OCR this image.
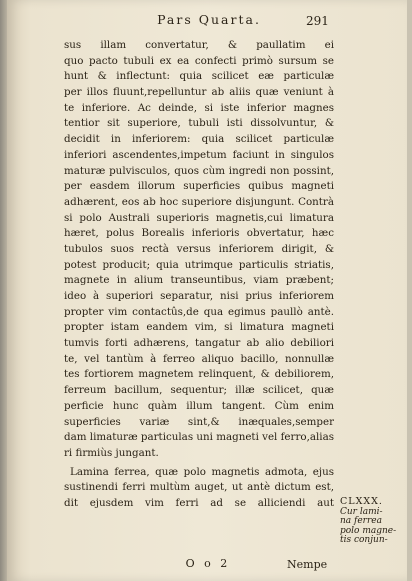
Pars Quarta.	291
sus illam convertatur, & paullatim ei
quo pacto tubuli ex ea confecti primò sursum se
hunt & inflectunt: quia scilicet eæ particulæ
per illos fluunt,repelluntur ab aliis quæ veniunt à
te inferiore. Ac deinde, si iste inferior magnes
tentior sit superiore, tubuli isti dissolvuntur, &
decidit in inferiorem: quia scilicet particulæ
inferiori ascendentes,impetum faciunt in singulos
maturæ pulvisculos, quos cùm ingredi non possint,
per easdem illorum superficies quibus magneti
adhærent, eos ab hoc superiore disjungunt. Contrà
si polo Australi superioris magnetis,cui limatura
hæret, polus Borealis inferioris obvertatur, hæc
tubulos suos rectà versus inferiorem dirigit, &
potest producit; quia utrimque particulis striatis,
magnete in alium transeuntibus, viam præbent;
ideo à superiori separatur, nisi prius inferiorem
propter vim contactûs,de qua egimus paullò antè.
propter istam eandem vim, si limatura magneti
tumvis forti adhærens, tangatur ab alio debiliori
te, vel tantùm à ferreo aliquo bacillo, nonnullæ
tes fortiorem magnetem relinquent, & debiliorem,
ferreum bacillum, sequentur; illæ scilicet, quæ
perficie hunc quàm illum tangent. Cùm enim
superficies variæ sint,& inæquales,semper
dam limaturæ particulas uni magneti vel ferro,alias
ri firmiùs jungant.
Lamina ferrea, quæ polo magnetis admota, ejus
sustinendi ferri multùm auget, ut antè dictum est,
dit ejusdem vim ferri ad se alliciendi aut CLXXX.
Cur lami-
na ferrea
polo magne-
tis conjun-
O o 2	Nempe
